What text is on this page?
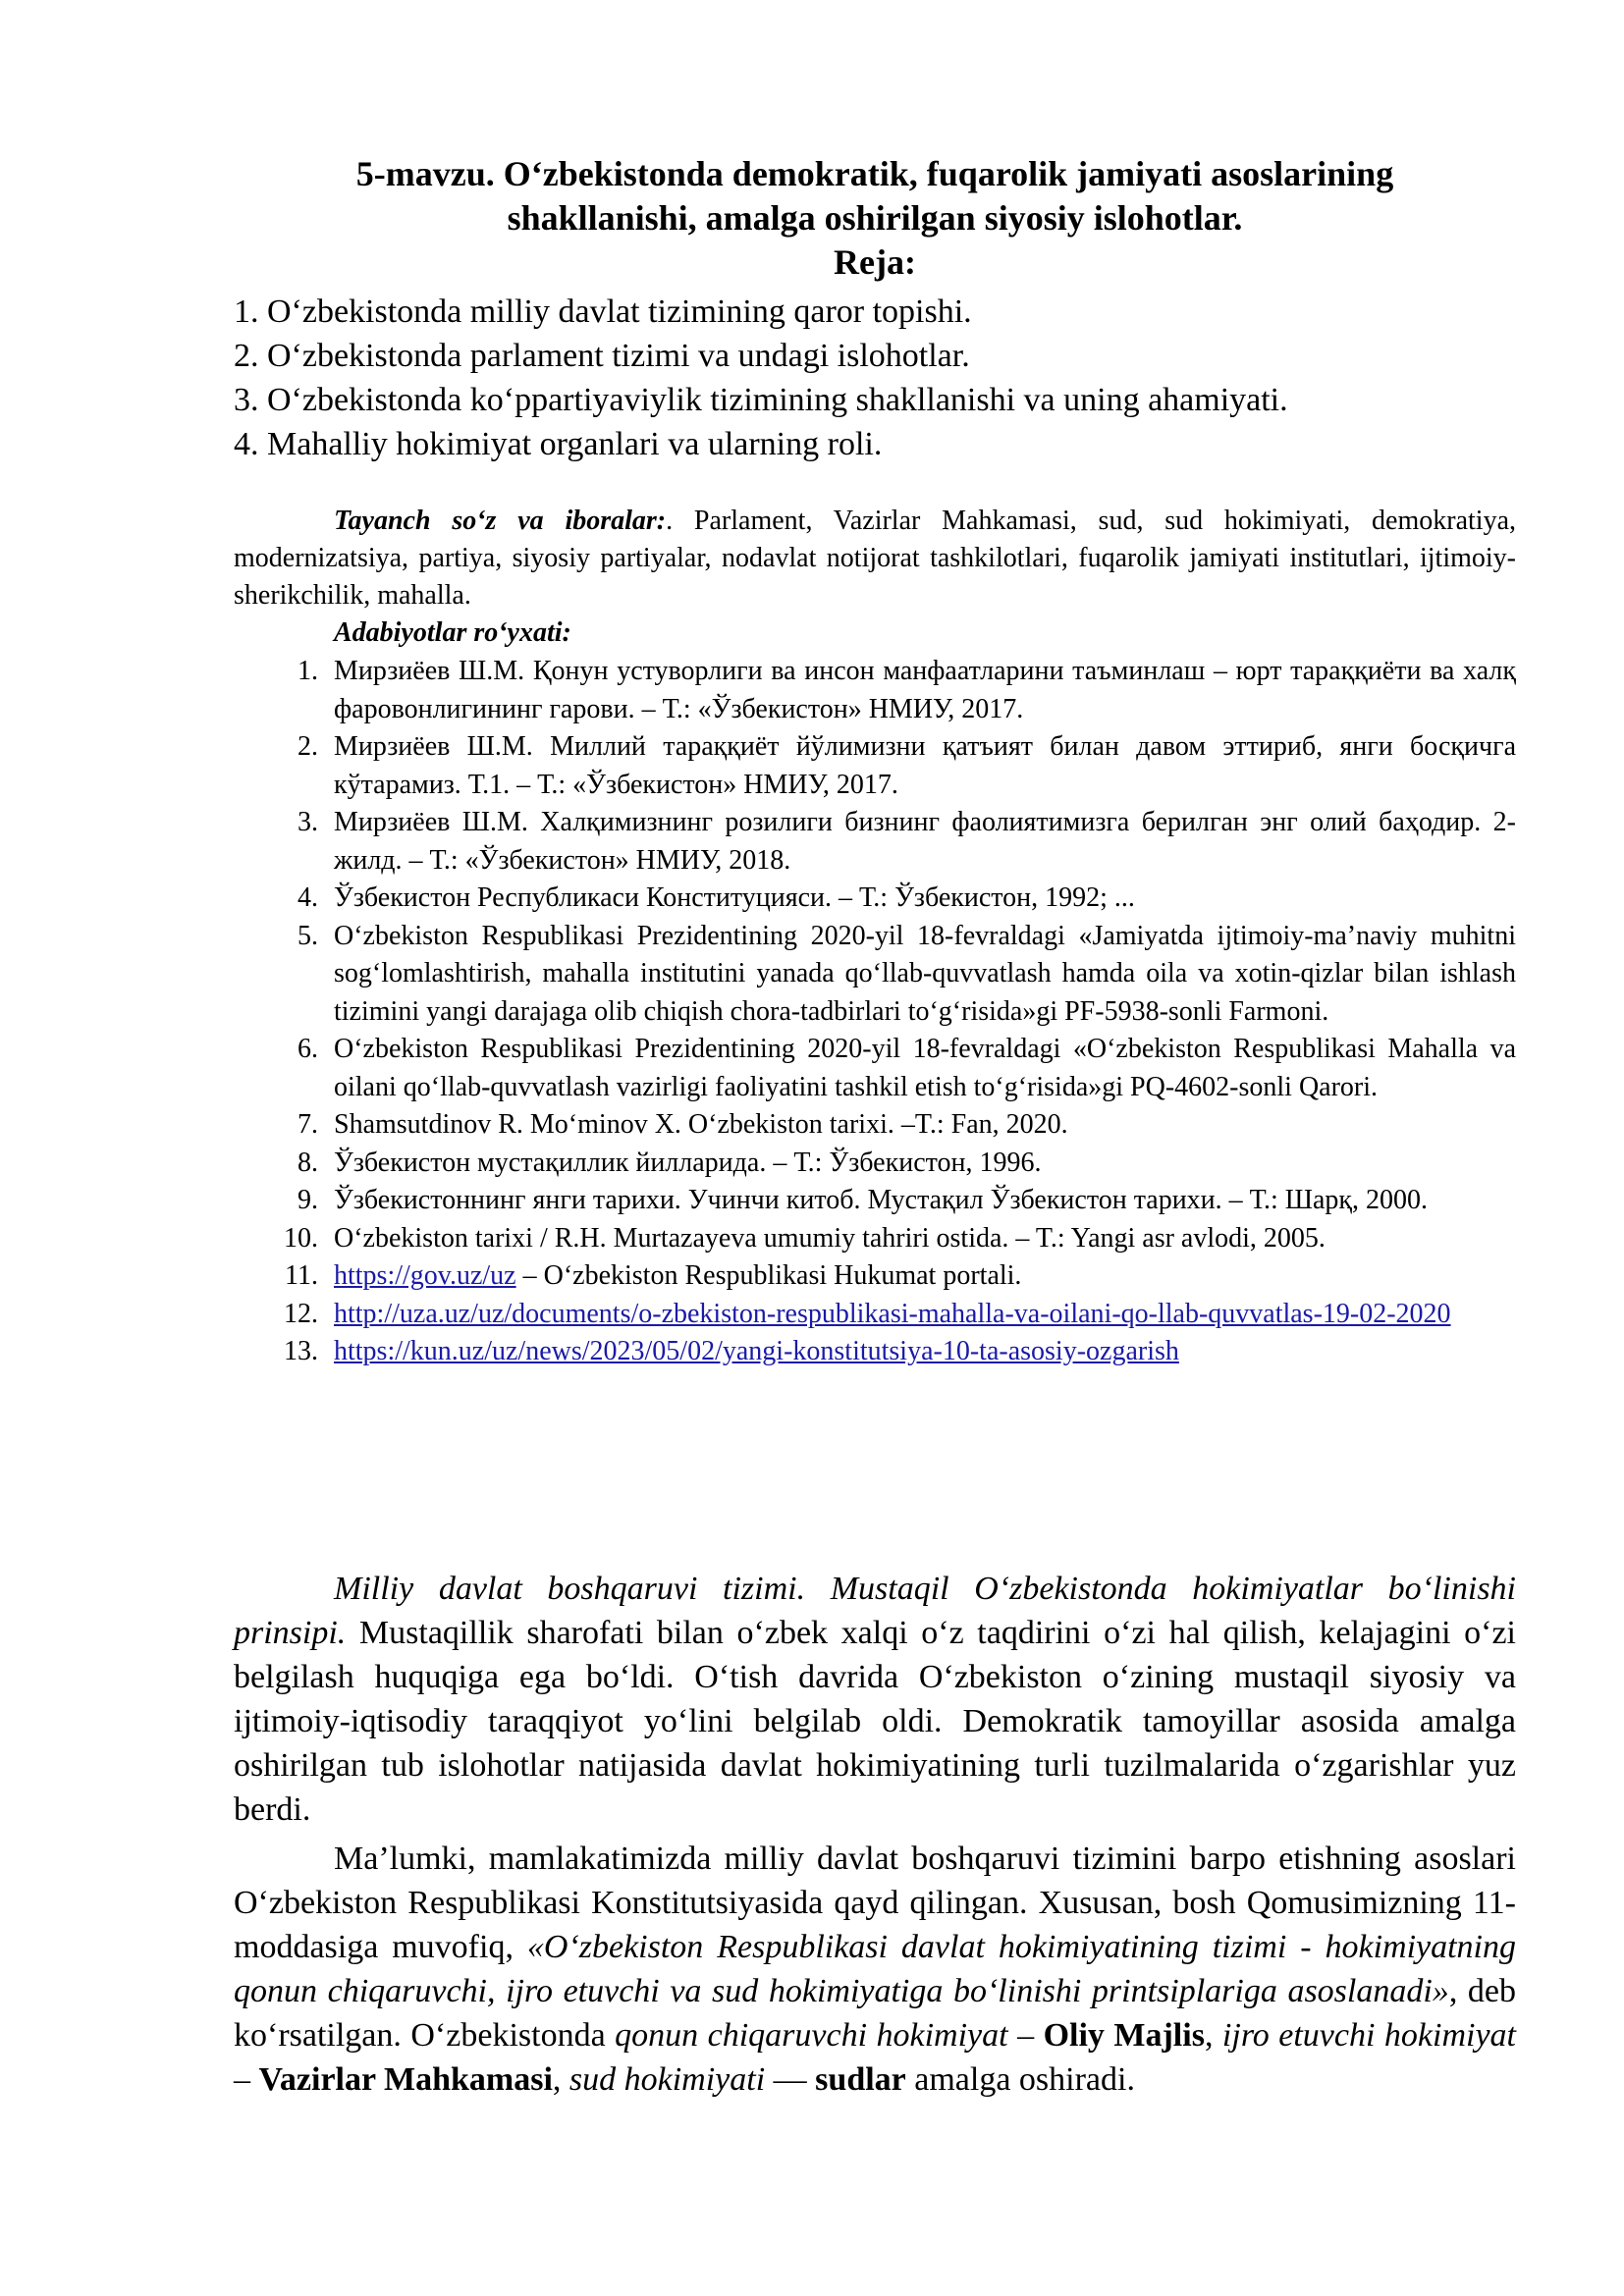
5-mavzu. O‘zbekistonda demokratik, fuqarolik jamiyati asoslarining
shakllanishi, amalga oshirilgan siyosiy islohotlar.
Reja:
1. O‘zbekistonda milliy davlat tizimining qaror topishi.
2. O‘zbekistonda parlament tizimi va undagi islohotlar.
3. O‘zbekistonda ko‘ppartiyaviylik tizimining shakllanishi va uning ahamiyati.
4. Mahalliy hokimiyat organlari va ularning roli.
Tayanch so‘z va iboralar:. Parlament, Vazirlar Mahkamasi, sud, sud hokimiyati, demokratiya, modernizatsiya, partiya, siyosiy partiyalar, nodavlat notijorat tashkilotlari, fuqarolik jamiyati institutlari, ijtimoiy-sherikchilik, mahalla.
Adabiyotlar ro‘yxati:
1. Мирзиёев Ш.М. Қонун устуворлиги ва инсон манфаатларини таъминлаш – юрт тараққиёти ва халқ фаровонлигининг гарови. – Т.: «Ўзбекистон» НМИУ, 2017.
2. Мирзиёев Ш.М. Миллий тараққиёт йўлимизни қатъият билан давом эттириб, янги босқичга кўтарамиз. Т.1. – Т.: «Ўзбекистон» НМИУ, 2017.
3. Мирзиёев Ш.М. Халқимизнинг розилиги бизнинг фаолиятимизга берилган энг олий баҳодир. 2-жилд. – Т.: «Ўзбекистон» НМИУ, 2018.
4. Ўзбекистон Республикаси Конституцияси. – Т.: Ўзбекистон, 1992; ...
5. O‘zbekiston Respublikasi Prezidentining 2020-yil 18-fevraldagi «Jamiyatda ijtimoiy-ma’naviy muhitni sog‘lomlashtirish, mahalla institutini yanada qo‘llab-quvvatlash hamda oila va xotin-qizlar bilan ishlash tizimini yangi darajaga olib chiqish chora-tadbirlari to‘g‘risida»gi PF-5938-sonli Farmoni.
6. O‘zbekiston Respublikasi Prezidentining 2020-yil 18-fevraldagi «O‘zbekiston Respublikasi Mahalla va oilani qo‘llab-quvvatlash vazirligi faoliyatini tashkil etish to‘g‘risida»gi PQ-4602-sonli Qarori.
7. Shamsutdinov R. Mo‘minov X. O‘zbekiston tarixi. –T.: Fan, 2020.
8. Ўзбекистон мустақиллик йилларида. – Т.: Ўзбекистон, 1996.
9. Ўзбекистоннинг янги тарихи. Учинчи китоб. Мустақил Ўзбекистон тарихи. – Т.: Шарқ, 2000.
10. O‘zbekiston tarixi / R.H. Murtazayeva umumiy tahriri ostida. – T.: Yangi asr avlodi, 2005.
11. https://gov.uz/uz – O‘zbekiston Respublikasi Hukumat portali.
12. http://uza.uz/uz/documents/o-zbekiston-respublikasi-mahalla-va-oilani-qo-llab-quvvatlas-19-02-2020
13. https://kun.uz/uz/news/2023/05/02/yangi-konstitutsiya-10-ta-asosiy-ozgarish

Milliy davlat boshqaruvi tizimi. Mustaqil O‘zbekistonda hokimiyatlar bo‘linishi prinsipi. Mustaqillik sharofati bilan o‘zbek xalqi o‘z taqdirini o‘zi hal qilish, kelajagini o‘zi belgilash huquqiga ega bo‘ldi. O‘tish davrida O‘zbekiston o‘zining mustaqil siyosiy va ijtimoiy-iqtisodiy taraqqiyot yo‘lini belgilab oldi. Demokratik tamoyillar asosida amalga oshirilgan tub islohotlar natijasida davlat hokimiyatining turli tuzilmalarida o‘zgarishlar yuz berdi.

Ma’lumki, mamlakatimizda milliy davlat boshqaruvi tizimini barpo etishning asoslari O‘zbekiston Respublikasi Konstitutsiyasida qayd qilingan. Xususan, bosh Qomusimizning 11-moddasiga muvofiq, «O‘zbekiston Respublikasi davlat hokimiyatining tizimi - hokimiyatning qonun chiqaruvchi, ijro etuvchi va sud hokimiyatiga bo‘linishi printsiplariga asoslanadi», deb ko‘rsatilgan. O‘zbekistonda qonun chiqaruvchi hokimiyat – Oliy Majlis, ijro etuvchi hokimiyat – Vazirlar Mahkamasi, sud hokimiyati — sudlar amalga oshiradi.
